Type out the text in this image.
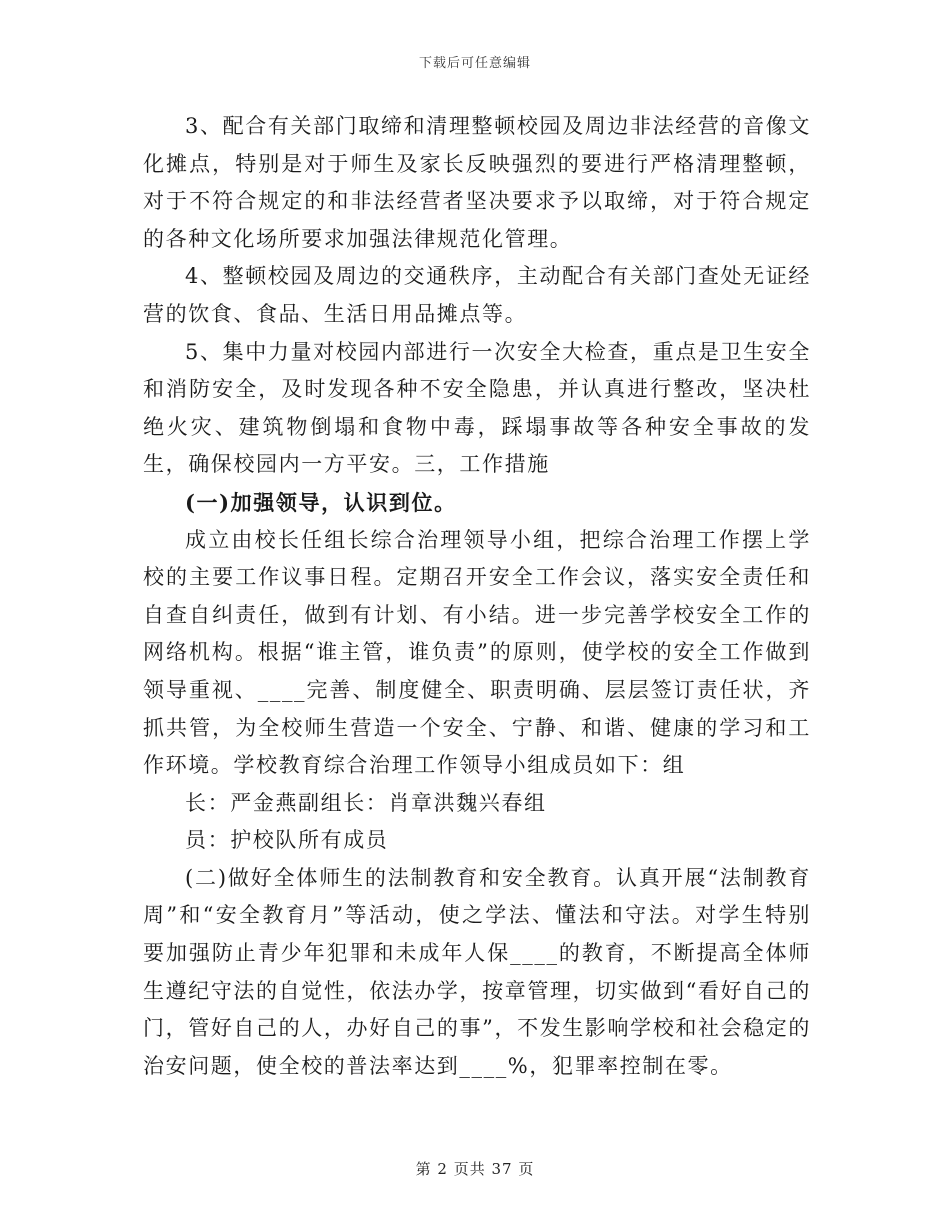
下载后可任意编辑

3、配合有关部门取缔和清理整顿校园及周边非法经营的音像文化摊点，特别是对于师生及家长反映强烈的要进行严格清理整顿，对于不符合规定的和非法经营者坚决要求予以取缔，对于符合规定的各种文化场所要求加强法律规范化管理。

4、整顿校园及周边的交通秩序，主动配合有关部门查处无证经营的饮食、食品、生活日用品摊点等。

5、集中力量对校园内部进行一次安全大检查，重点是卫生安全和消防安全，及时发现各种不安全隐患，并认真进行整改，坚决杜绝火灾、建筑物倒塌和食物中毒，踩塌事故等各种安全事故的发生，确保校园内一方平安。三，工作措施

(一)加强领导，认识到位。

成立由校长任组长综合治理领导小组，把综合治理工作摆上学校的主要工作议事日程。定期召开安全工作会议，落实安全责任和自查自纠责任，做到有计划、有小结。进一步完善学校安全工作的网络机构。根据“谁主管，谁负责”的原则，使学校的安全工作做到领导重视、____完善、制度健全、职责明确、层层签订责任状，齐抓共管，为全校师生营造一个安全、宁静、和谐、健康的学习和工作环境。学校教育综合治理工作领导小组成员如下：组

长：严金燕副组长：肖章洪魏兴春组

员：护校队所有成员

(二)做好全体师生的法制教育和安全教育。认真开展“法制教育周”和“安全教育月”等活动，使之学法、懂法和守法。对学生特别要加强防止青少年犯罪和未成年人保____的教育，不断提高全体师生遵纪守法的自觉性，依法办学，按章管理，切实做到“看好自己的门，管好自己的人，办好自己的事”，不发生影响学校和社会稳定的治安问题，使全校的普法率达到____%，犯罪率控制在零。

第 2 页共 37 页
